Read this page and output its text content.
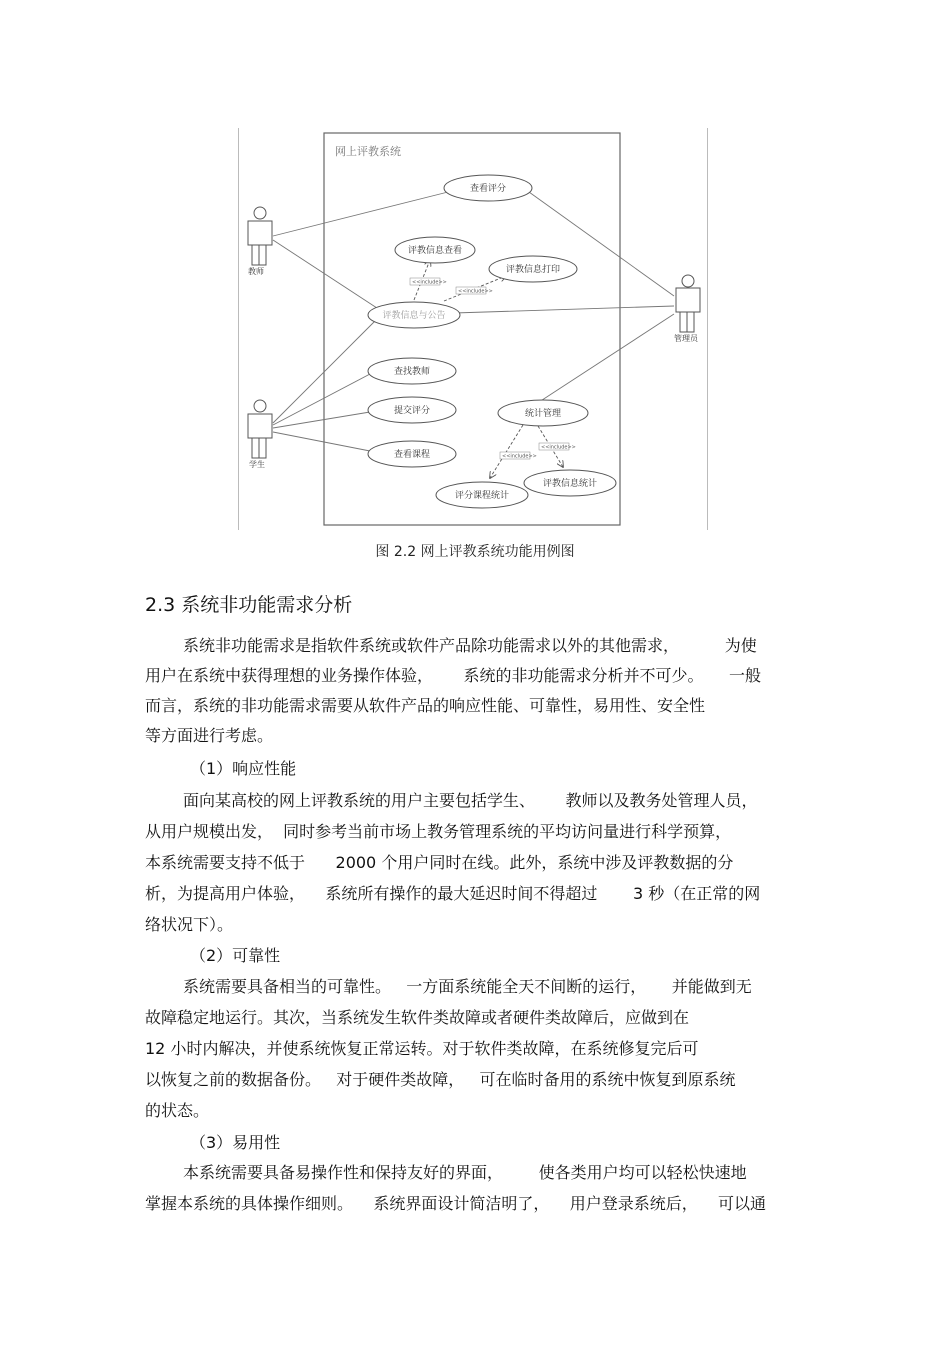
网上评教系统
<<include>>
<<include>>
<<include>>
<<include>>
查看评分
评教信息查看
评教信息打印
评教信息与公告
查找教师
提交评分
查看课程
统计管理
评分课程统计
评教信息统计
教师
学生
管理员
图 2.2 网上评教系统功能用例图
2.3 系统非功能需求分析
系统非功能需求是指软件系统或软件产品除功能需求以外的其他需求，         为使
用户在系统中获得理想的业务操作体验，      系统的非功能需求分析并不可少。     一般
而言，系统的非功能需求需要从软件产品的响应性能、可靠性，易用性、安全性
等方面进行考虑。
（1）响应性能
面向某高校的网上评教系统的用户主要包括学生、      教师以及教务处管理人员，
从用户规模出发，  同时参考当前市场上教务管理系统的平均访问量进行科学预算，
本系统需要支持不低于      2000 个用户同时在线。此外，系统中涉及评教数据的分
析，为提高用户体验，    系统所有操作的最大延迟时间不得超过       3 秒（在正常的网
络状况下）。
（2）可靠性
系统需要具备相当的可靠性。   一方面系统能全天不间断的运行，     并能做到无
故障稳定地运行。其次，当系统发生软件类故障或者硬件类故障后，应做到在
12 小时内解决，并使系统恢复正常运转。对于软件类故障，在系统修复完后可
以恢复之前的数据备份。   对于硬件类故障，   可在临时备用的系统中恢复到原系统
的状态。
（3）易用性
本系统需要具备易操作性和保持友好的界面，       使各类用户均可以轻松快速地
掌握本系统的具体操作细则。    系统界面设计简洁明了，    用户登录系统后，    可以通
